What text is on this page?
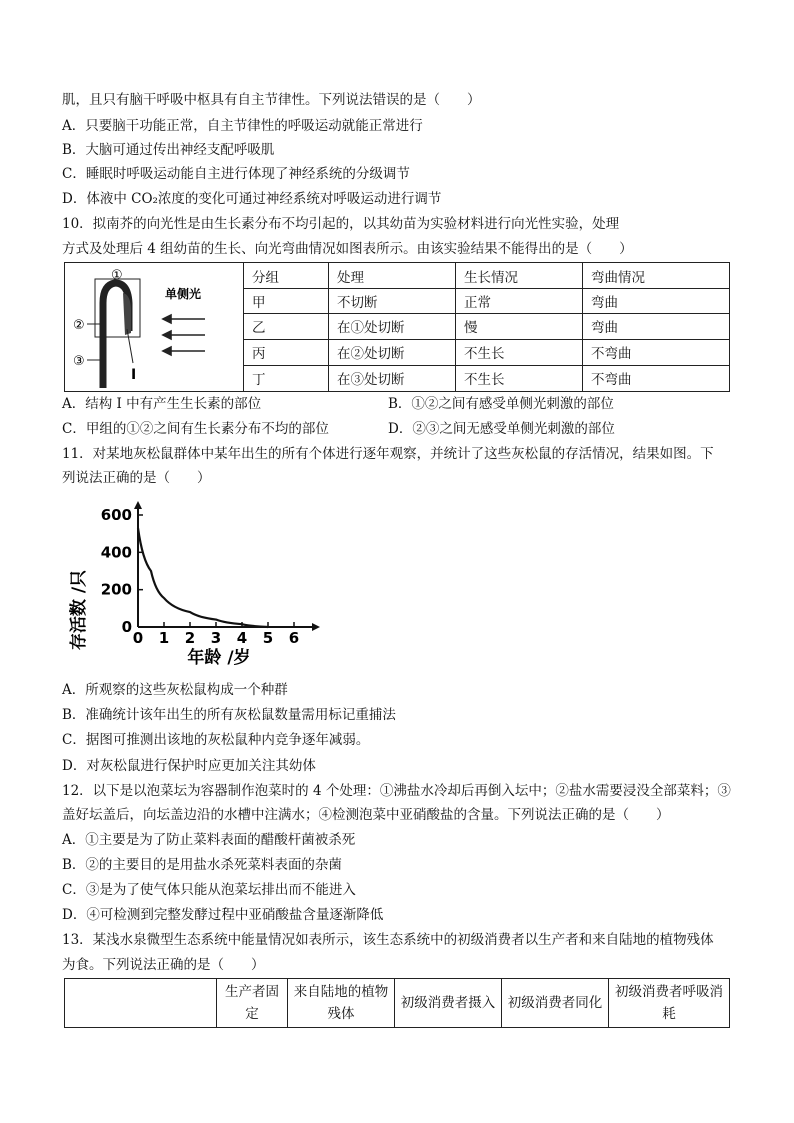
肌，且只有脑干呼吸中枢具有自主节律性。下列说法错误的是（　　）
A．只要脑干功能正常，自主节律性的呼吸运动就能正常进行
B．大脑可通过传出神经支配呼吸肌
C．睡眠时呼吸运动能自主进行体现了神经系统的分级调节
D．体液中 CO₂浓度的变化可通过神经系统对呼吸运动进行调节
10．拟南芥的向光性是由生长素分布不均引起的，以其幼苗为实验材料进行向光性实验，处理
方式及处理后 4 组幼苗的生长、向光弯曲情况如图表所示。由该实验结果不能得出的是（　　）
①
②
③
I
单侧光	分组	处理	生长情况	弯曲情况
	甲	不切断	正常	弯曲
	乙	在①处切断	慢	弯曲
	丙	在②处切断	不生长	不弯曲
	丁	在③处切断	不生长	不弯曲
A．结构 I 中有产生生长素的部位	B．①②之间有感受单侧光刺激的部位
C．甲组的①②之间有生长素分布不均的部位	D．②③之间无感受单侧光刺激的部位
11．对某地灰松鼠群体中某年出生的所有个体进行逐年观察，并统计了这些灰松鼠的存活情况，结果如图。下
列说法正确的是（　　）
0
200
400
600
0 1 2 3 4 5 6
存活数 /只
年龄 /岁
A．所观察的这些灰松鼠构成一个种群
B．准确统计该年出生的所有灰松鼠数量需用标记重捕法
C．据图可推测出该地的灰松鼠种内竞争逐年减弱。
D．对灰松鼠进行保护时应更加关注其幼体
12．以下是以泡菜坛为容器制作泡菜时的 4 个处理：①沸盐水冷却后再倒入坛中；②盐水需要浸没全部菜料；③
盖好坛盖后，向坛盖边沿的水槽中注满水；④检测泡菜中亚硝酸盐的含量。下列说法正确的是（　　）
A．①主要是为了防止菜料表面的醋酸杆菌被杀死
B．②的主要目的是用盐水杀死菜料表面的杂菌
C．③是为了使气体只能从泡菜坛排出而不能进入
D．④可检测到完整发酵过程中亚硝酸盐含量逐渐降低
13．某浅水泉微型生态系统中能量情况如表所示，该生态系统中的初级消费者以生产者和来自陆地的植物残体
为食。下列说法正确的是（　　）
	生产者固定	来自陆地的植物残体	初级消费者摄入	初级消费者同化	初级消费者呼吸消耗
